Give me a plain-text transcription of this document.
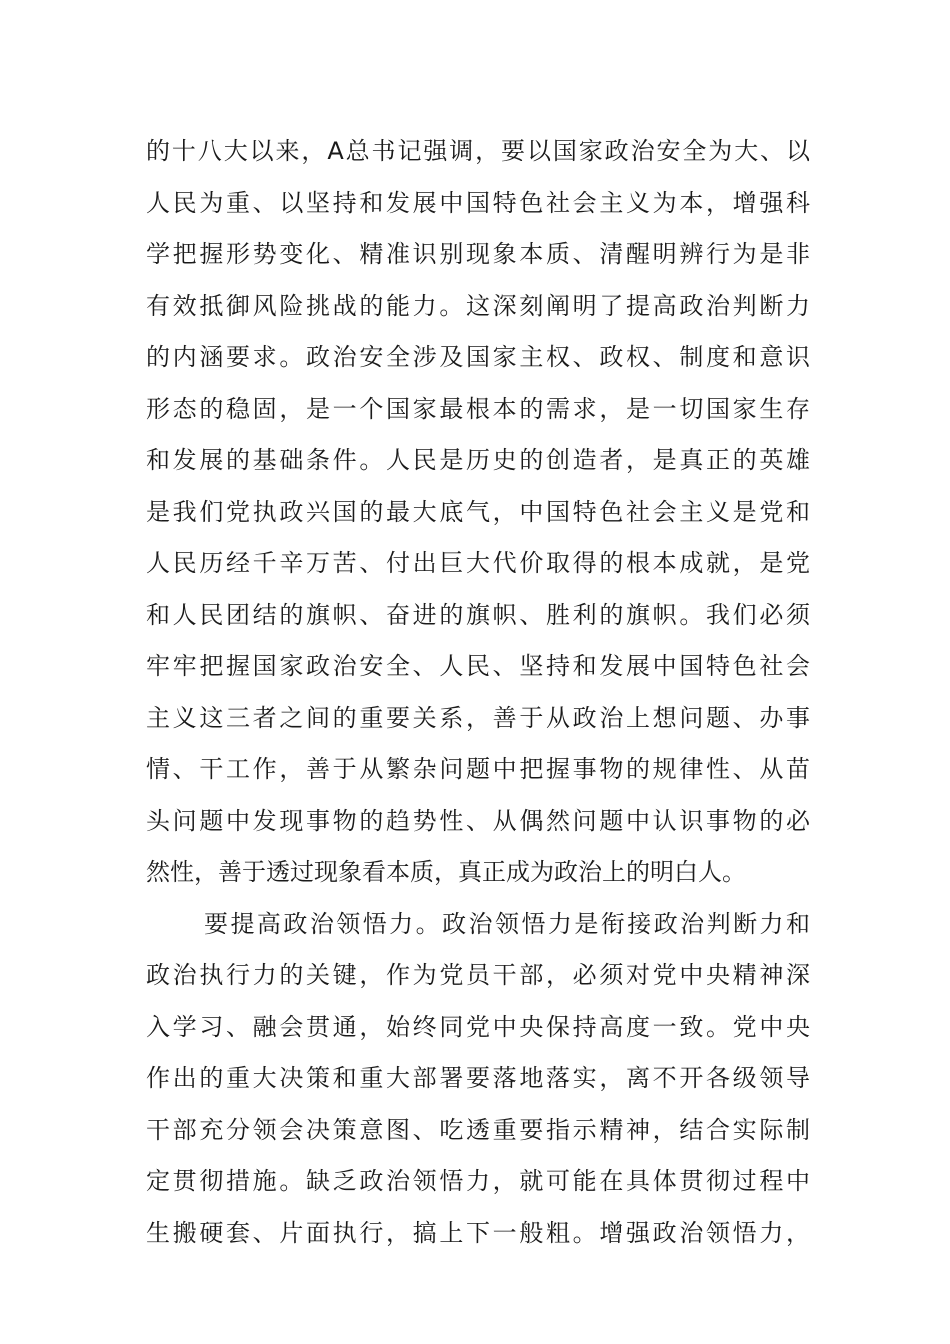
的十八大以来，A总书记强调，要以国家政治安全为大、以
人民为重、以坚持和发展中国特色社会主义为本，增强科
学把握形势变化、精准识别现象本质、清醒明辨行为是非
有效抵御风险挑战的能力。这深刻阐明了提高政治判断力
的内涵要求。政治安全涉及国家主权、政权、制度和意识
形态的稳固，是一个国家最根本的需求，是一切国家生存
和发展的基础条件。人民是历史的创造者，是真正的英雄
是我们党执政兴国的最大底气，中国特色社会主义是党和
人民历经千辛万苦、付出巨大代价取得的根本成就，是党
和人民团结的旗帜、奋进的旗帜、胜利的旗帜。我们必须
牢牢把握国家政治安全、人民、坚持和发展中国特色社会
主义这三者之间的重要关系，善于从政治上想问题、办事
情、干工作，善于从繁杂问题中把握事物的规律性、从苗
头问题中发现事物的趋势性、从偶然问题中认识事物的必
然性，善于透过现象看本质，真正成为政治上的明白人。
要提高政治领悟力。政治领悟力是衔接政治判断力和
政治执行力的关键，作为党员干部，必须对党中央精神深
入学习、融会贯通，始终同党中央保持高度一致。党中央
作出的重大决策和重大部署要落地落实，离不开各级领导
干部充分领会决策意图、吃透重要指示精神，结合实际制
定贯彻措施。缺乏政治领悟力，就可能在具体贯彻过程中
生搬硬套、片面执行，搞上下一般粗。增强政治领悟力，
